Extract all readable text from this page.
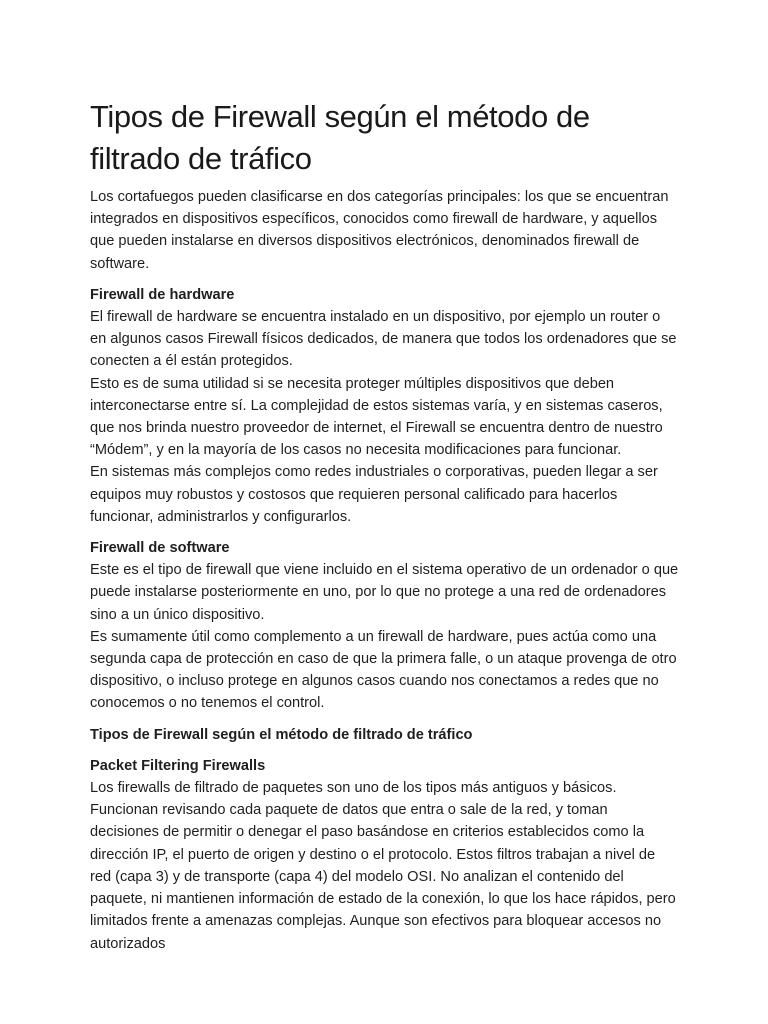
Tipos de Firewall según el método de filtrado de tráfico

Los cortafuegos pueden clasificarse en dos categorías principales: los que se encuentran integrados en dispositivos específicos, conocidos como firewall de hardware, y aquellos que pueden instalarse en diversos dispositivos electrónicos, denominados firewall de software.

Firewall de hardware

El firewall de hardware se encuentra instalado en un dispositivo, por ejemplo un router o en algunos casos Firewall físicos dedicados, de manera que todos los ordenadores que se conecten a él están protegidos.

Esto es de suma utilidad si se necesita proteger múltiples dispositivos que deben interconectarse entre sí. La complejidad de estos sistemas varía, y en sistemas caseros, que nos brinda nuestro proveedor de internet, el Firewall se encuentra dentro de nuestro “Módem”, y en la mayoría de los casos no necesita modificaciones para funcionar.

En sistemas más complejos como redes industriales o corporativas, pueden llegar a ser equipos muy robustos y costosos que requieren personal calificado para hacerlos funcionar, administrarlos y configurarlos.

Firewall de software

Este es el tipo de firewall que viene incluido en el sistema operativo de un ordenador o que puede instalarse posteriormente en uno, por lo que no protege a una red de ordenadores sino a un único dispositivo.

Es sumamente útil como complemento a un firewall de hardware, pues actúa como una segunda capa de protección en caso de que la primera falle, o un ataque provenga de otro dispositivo, o incluso protege en algunos casos cuando nos conectamos a redes que no conocemos o no tenemos el control.

Tipos de Firewall según el método de filtrado de tráfico

Packet Filtering Firewalls

Los firewalls de filtrado de paquetes son uno de los tipos más antiguos y básicos. Funcionan revisando cada paquete de datos que entra o sale de la red, y toman decisiones de permitir o denegar el paso basándose en criterios establecidos como la dirección IP, el puerto de origen y destino o el protocolo. Estos filtros trabajan a nivel de red (capa 3) y de transporte (capa 4) del modelo OSI. No analizan el contenido del paquete, ni mantienen información de estado de la conexión, lo que los hace rápidos, pero limitados frente a amenazas complejas. Aunque son efectivos para bloquear accesos no autorizados
